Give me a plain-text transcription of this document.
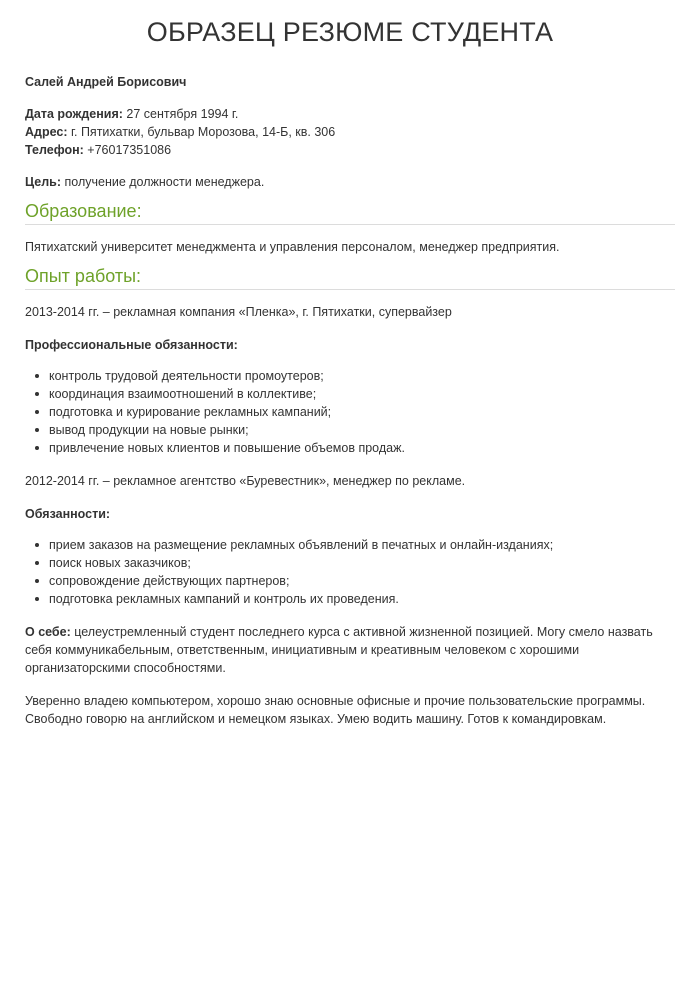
ОБРАЗЕЦ РЕЗЮМЕ СТУДЕНТА

Салей Андрей Борисович

Дата рождения: 27 сентября 1994 г.

Адрес: г. Пятихатки, бульвар Морозова, 14-Б, кв. 306

Телефон: +76017351086

Цель: получение должности менеджера.

Образование:

Пятихатский университет менеджмента и управления персоналом, менеджер предприятия.

Опыт работы:

2013-2014 гг. – рекламная компания «Пленка», г. Пятихатки, супервайзер

Профессиональные обязанности:

контроль трудовой деятельности промоутеров;
координация взаимоотношений в коллективе;
подготовка и курирование рекламных кампаний;
вывод продукции на новые рынки;
привлечение новых клиентов и повышение объемов продаж.

2012-2014 гг. – рекламное агентство «Буревестник», менеджер по рекламе.

Обязанности:

прием заказов на размещение рекламных объявлений в печатных и онлайн-изданиях;
поиск новых заказчиков;
сопровождение действующих партнеров;
подготовка рекламных кампаний и контроль их проведения.

О себе: целеустремленный студент последнего курса с активной жизненной позицией. Могу смело назвать себя коммуникабельным, ответственным, инициативным и креативным человеком с хорошими организаторскими способностями.

Уверенно владею компьютером, хорошо знаю основные офисные и прочие пользовательские программы. Свободно говорю на английском и немецком языках. Умею водить машину. Готов к командировкам.
